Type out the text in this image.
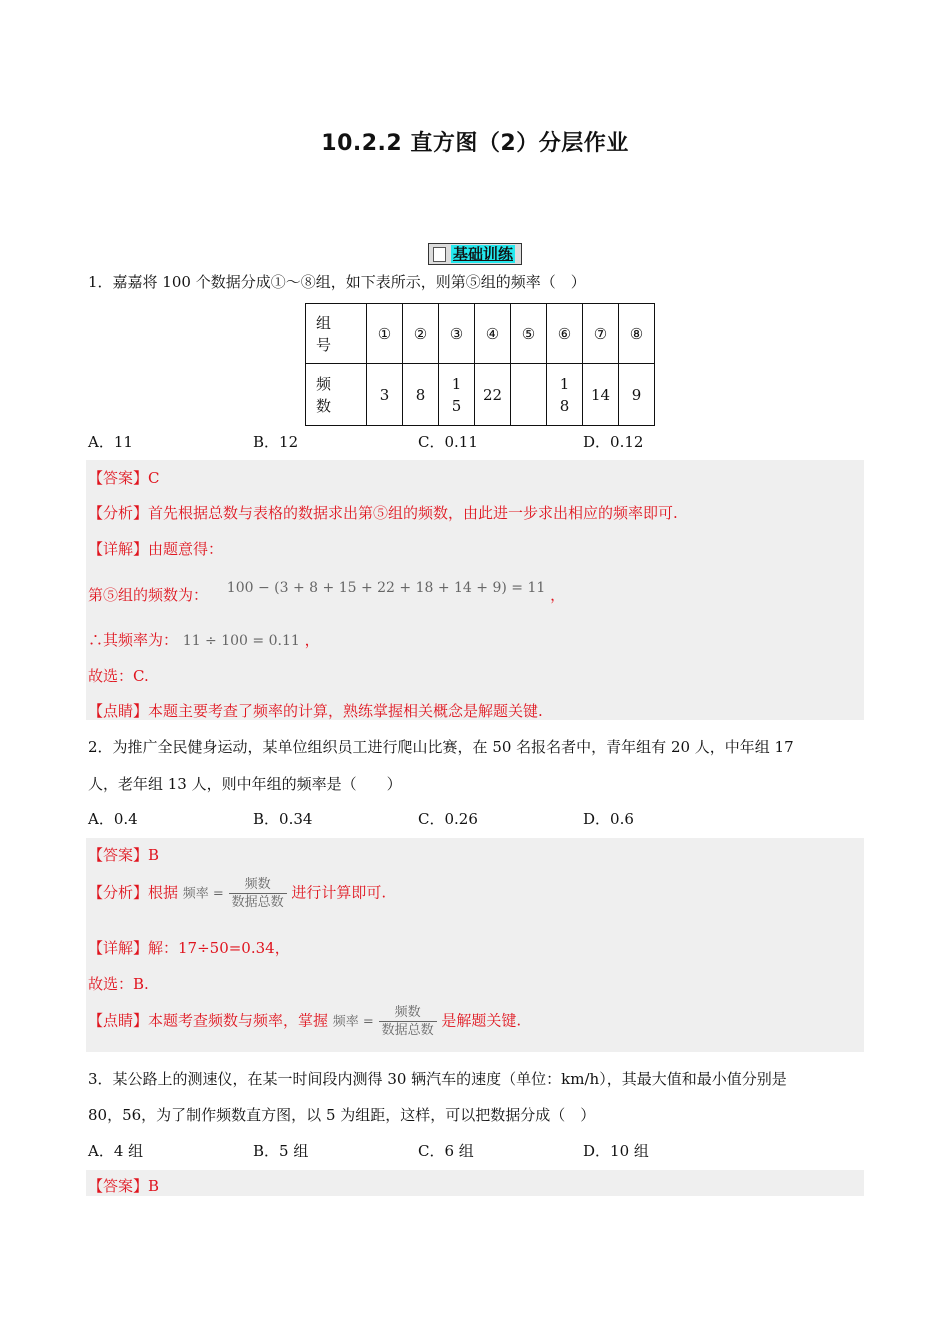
10.2.2 直方图（2）分层作业
基础训练
1．嘉嘉将 100 个数据分成①～⑧组，如下表所示，则第⑤组的频率（　）
组号	①	②	③	④	⑤	⑥	⑦	⑧
频数	3	8	15	22		18	14	9
A．11	B．12	C．0.11	D．0.12
【答案】C
【分析】首先根据总数与表格的数据求出第⑤组的频数，由此进一步求出相应的频率即可.
【详解】由题意得：
第⑤组的频数为： 100 − (3 + 8 + 15 + 22 + 18 + 14 + 9) = 11 ，
∴其频率为： 11 ÷ 100 = 0.11 ，
故选：C.
【点睛】本题主要考查了频率的计算，熟练掌握相关概念是解题关键.
2．为推广全民健身运动，某单位组织员工进行爬山比赛，在 50 名报名者中，青年组有 20 人，中年组 17
人，老年组 13 人，则中年组的频率是（　　）
A．0.4	B．0.34	C．0.26	D．0.6
【答案】B
【分析】根据 频率 = $\frac{\text{频数}}{\text{数据总数}}$ 进行计算即可.
【详解】解：17÷50=0.34，
故选：B.
【点睛】本题考查频数与频率，掌握 频率 = $\frac{\text{频数}}{\text{数据总数}}$ 是解题关键.
3．某公路上的测速仪，在某一时间段内测得 30 辆汽车的速度（单位：km/h），其最大值和最小值分别是
80，56，为了制作频数直方图，以 5 为组距，这样，可以把数据分成（　）
A．4 组	B．5 组	C．6 组	D．10 组
【答案】B
